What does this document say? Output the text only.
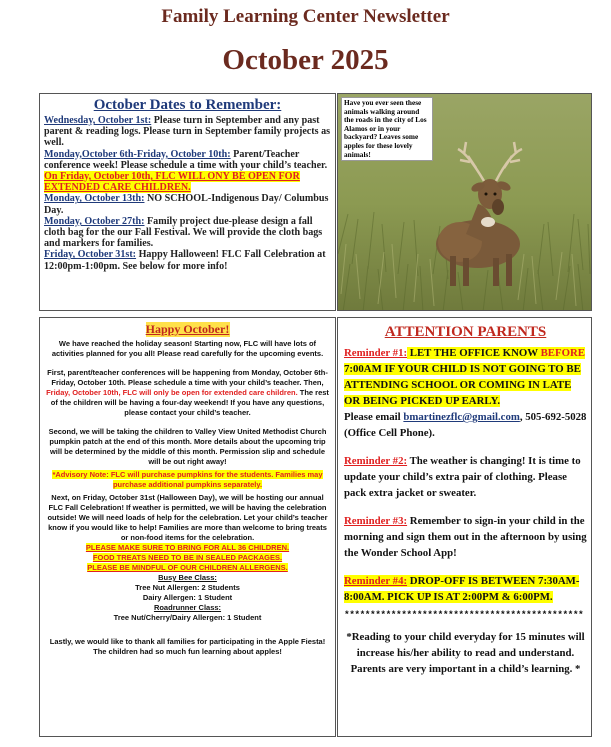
Family Learning Center Newsletter
October 2025
October Dates to Remember:

Wednesday, October 1st: Please turn in September and any past parent & reading logs. Please turn in September family projects as well.

Monday,October 6th-Friday, October 10th: Parent/Teacher conference week! Please schedule a time with your child’s teacher. On Friday, October 10th, FLC WILL ONY BE OPEN FOR EXTENDED CARE CHILDREN.

Monday, October 13th: NO SCHOOL-Indigenous Day/ Columbus Day.

Monday, October 27th: Family project due-please design a fall cloth bag for the our Fall Festival. We will provide the cloth bags and markers for families.

Friday, October 31st: Happy Halloween! FLC Fall Celebration at 12:00pm-1:00pm. See below for more info!

Have you ever seen these animals walking around the roads in the city of Los Alamos or in your backyard? Leaves some apples for these lovely animals!
Happy October!

We have reached the holiday season! Starting now, FLC will have lots of activities planned for you all! Please read carefully for the upcoming events.

First, parent/teacher conferences will be happening from Monday, October 6th-Friday, October 10th. Please schedule a time with your child’s teacher. Then, Friday, October 10th, FLC will only be open for extended care children. The rest of the children will be having a four-day weekend! If you have any questions, please contact your child’s teacher.

Second, we will be taking the children to Valley View United Methodist Church pumpkin patch at the end of this month. More details about the upcoming trip will be determined by the middle of this month. Permission slip and schedule will be out right away!

*Advisory Note: FLC will purchase pumpkins for the students. Families may purchase additional pumpkins separately.

Next, on Friday, October 31st (Halloween Day), we will be hosting our annual FLC Fall Celebration! If weather is permitted, we will be having the celebration outside! We will need loads of help for the celebration. Let your child’s teacher know if you would like to help! Families are more than welcome to bring treats or non-food items for the celebration.

PLEASE MAKE SURE TO BRING FOR ALL 36 CHILDREN.

FOOD TREATS NEED TO BE IN SEALED PACKAGES.

PLEASE BE MINDFUL OF OUR CHILDREN ALLERGENS.

Busy Bee Class:

Tree Nut Allergen: 2 Students

Dairy Allergen: 1 Student

Roadrunner Class:

Tree Nut/Cherry/Dairy Allergen: 1 Student

Lastly, we would like to thank all families for participating in the Apple Fiesta! The children had so much fun learning about apples!

ATTENTION PARENTS

Reminder #1: LET THE OFFICE KNOW BEFORE 7:00AM IF YOUR CHILD IS NOT GOING TO BE ATTENDING SCHOOL OR COMING IN LATE OR BEING PICKED UP EARLY.
Please email bmartinezflc@gmail.com, 505-692-5028 (Office Cell Phone).

Reminder #2: The weather is changing! It is time to update your child’s extra pair of clothing. Please pack extra jacket or sweater.

Reminder #3: Remember to sign-in your child in the morning and sign them out in the afternoon by using the Wonder School App!

Reminder #4: DROP-OFF IS BETWEEN 7:30AM-8:00AM. PICK UP IS AT 2:00PM & 6:00PM.

**********************************************
*Reading to your child everyday for 15 minutes will increase his/her ability to read and understand. Parents are very important in a child’s learning. *
